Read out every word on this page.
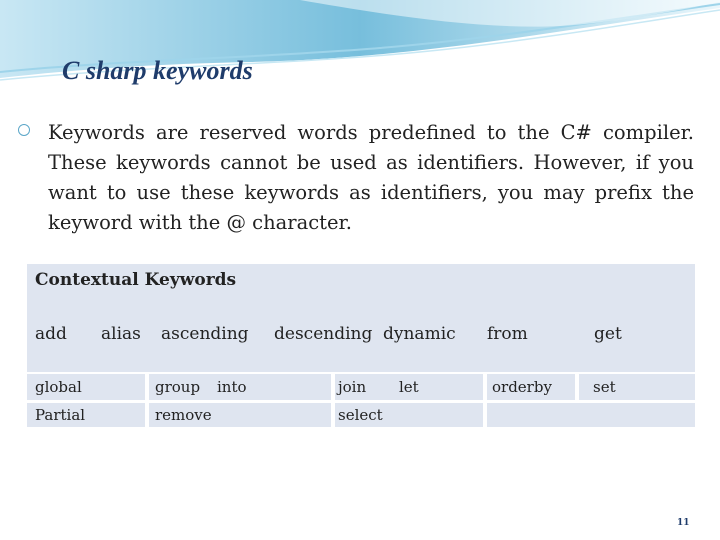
C sharp keywords
Keywords are reserved words predefined to the C# compiler. These keywords cannot be used as identifiers. However, if you want to use these keywords as identifiers, you may prefix the keyword with the @ character.
Contextual Keywords
add alias ascending descending dynamic from	get
global	group into	join let	orderby	set
Partial	remove	select
11
